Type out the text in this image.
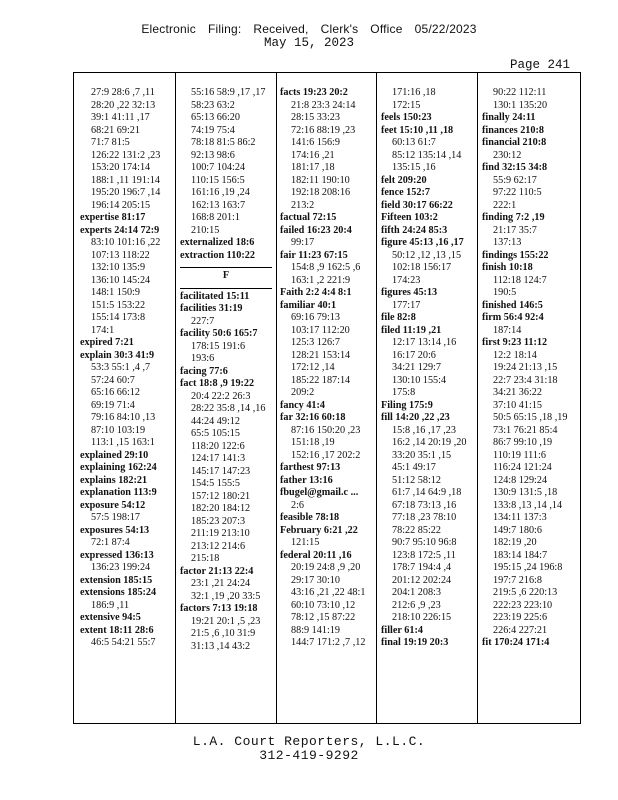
Electronic Filing: Received, Clerk's Office 05/22/2023
May 15, 2023
Page 241
27:9 28:6 ,7 ,11
28:20 ,22 32:13
39:1 41:11 ,17
68:21 69:21
71:7 81:5
126:22 131:2 ,23
153:20 174:14
188:1 ,11 191:14
195:20 196:7 ,14
196:14 205:15
expertise 81:17
experts 24:14 72:9
83:10 101:16 ,22
107:13 118:22
132:10 135:9
136:10 145:24
148:1 150:9
151:5 153:22
155:14 173:8
174:1
expired 7:21
explain 30:3 41:9
53:3 55:1 ,4 ,7
57:24 60:7
65:16 66:12
69:19 71:4
79:16 84:10 ,13
87:10 103:19
113:1 ,15 163:1
explained 29:10
explaining 162:24
explains 182:21
explanation 113:9
exposure 54:12
57:5 198:17
exposures 54:13
72:1 87:4
expressed 136:13
136:23 199:24
extension 185:15
extensions 185:24
186:9 ,11
extensive 94:5
extent 18:11 28:6
46:5 54:21 55:7
55:16 58:9 ,17 ,17
58:23 63:2
65:13 66:20
74:19 75:4
78:18 81:5 86:2
92:13 98:6
100:7 104:24
110:15 156:5
161:16 ,19 ,24
162:13 163:7
168:8 201:1
210:15
externalized 18:6
extraction 110:22
F
facilitated 15:11
facilities 31:19
227:7
facility 50:6 165:7
178:15 191:6
193:6
facing 77:6
fact 18:8 ,9 19:22
20:4 22:2 26:3
28:22 35:8 ,14 ,16
44:24 49:12
65:5 105:15
118:20 122:6
124:17 141:3
145:17 147:23
154:5 155:5
157:12 180:21
182:20 184:12
185:23 207:3
211:19 213:10
213:12 214:6
215:18
factor 21:13 22:4
23:1 ,21 24:24
32:1 ,19 ,20 33:5
factors 7:13 19:18
19:21 20:1 ,5 ,23
21:5 ,6 ,10 31:9
31:13 ,14 43:2
facts 19:23 20:2
21:8 23:3 24:14
28:15 33:23
72:16 88:19 ,23
141:6 156:9
174:16 ,21
181:17 ,18
182:11 190:10
192:18 208:16
213:2
factual 72:15
failed 16:23 20:4
99:17
fair 11:23 67:15
154:8 ,9 162:5 ,6
163:1 ,2 221:9
Faith 2:2 4:4 8:1
familiar 40:1
69:16 79:13
103:17 112:20
125:3 126:7
128:21 153:14
172:12 ,14
185:22 187:14
209:2
fancy 41:4
far 32:16 60:18
87:16 150:20 ,23
151:18 ,19
152:16 ,17 202:2
farthest 97:13
father 13:16
fbugel@gmail.c ...
2:6
feasible 78:18
February 6:21 ,22
121:15
federal 20:11 ,16
20:19 24:8 ,9 ,20
29:17 30:10
43:16 ,21 ,22 48:1
60:10 73:10 ,12
78:12 ,15 87:22
88:9 141:19
144:7 171:2 ,7 ,12
171:16 ,18
172:15
feels 150:23
feet 15:10 ,11 ,18
60:13 61:7
85:12 135:14 ,14
135:15 ,16
felt 209:20
fence 152:7
field 30:17 66:22
Fifteen 103:2
fifth 24:24 85:3
figure 45:13 ,16 ,17
50:12 ,12 ,13 ,15
102:18 156:17
174:23
figures 45:13
177:17
file 82:8
filed 11:19 ,21
12:17 13:14 ,16
16:17 20:6
34:21 129:7
130:10 155:4
175:8
Filing 175:9
fill 14:20 ,22 ,23
15:8 ,16 ,17 ,23
16:2 ,14 20:19 ,20
33:20 35:1 ,15
45:1 49:17
51:12 58:12
61:7 ,14 64:9 ,18
67:18 73:13 ,16
77:18 ,23 78:10
78:22 85:22
90:7 95:10 96:8
123:8 172:5 ,11
178:7 194:4 ,4
201:12 202:24
204:1 208:3
212:6 ,9 ,23
218:10 226:15
filler 61:4
final 19:19 20:3
90:22 112:11
130:1 135:20
finally 24:11
finances 210:8
financial 210:8
230:12
find 32:15 34:8
55:9 62:17
97:22 110:5
222:1
finding 7:2 ,19
21:17 35:7
137:13
findings 155:22
finish 10:18
112:18 124:7
190:5
finished 146:5
firm 56:4 92:4
187:14
first 9:23 11:12
12:2 18:14
19:24 21:13 ,15
22:7 23:4 31:18
34:21 36:22
37:10 41:15
50:5 65:15 ,18 ,19
73:1 76:21 85:4
86:7 99:10 ,19
110:19 111:6
116:24 121:24
124:8 129:24
130:9 131:5 ,18
133:8 ,13 ,14 ,14
134:11 137:3
149:7 180:6
182:19 ,20
183:14 184:7
195:15 ,24 196:8
197:7 216:8
219:5 ,6 220:13
222:23 223:10
223:19 225:6
226:4 227:21
fit 170:24 171:4
L.A. Court Reporters, L.L.C.
312-419-9292
